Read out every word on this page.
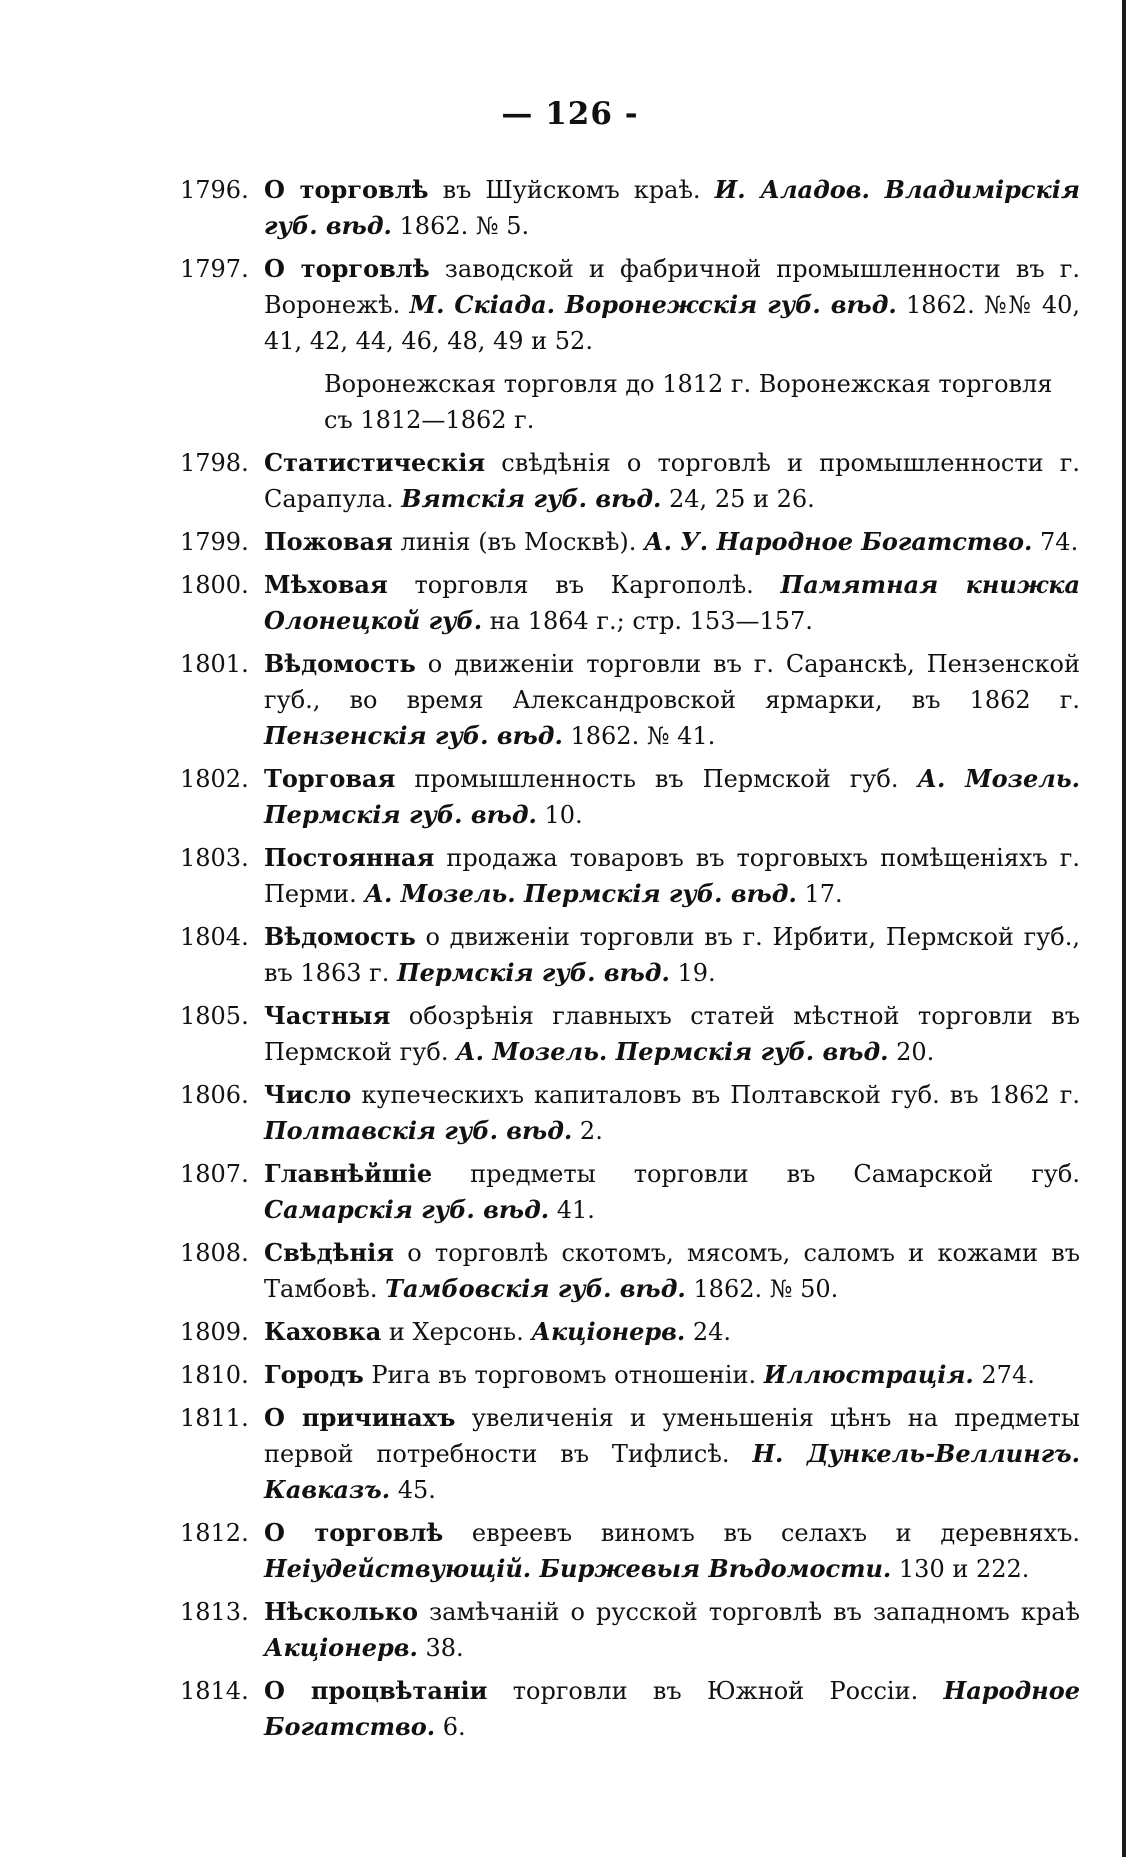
— 126 -
1796. О торговлѣ въ Шуйскомъ краѣ. И. Аладов. Владимірскія губ. вѣд. 1862. № 5.
1797. О торговлѣ заводской и фабричной промышленности въ г. Воронежѣ. М. Скіада. Воронежскія губ. вѣд. 1862. №№ 40, 41, 42, 44, 46, 48, 49 и 52.
Воронежская торговля до 1812 г. Воронежская торговля съ 1812—1862 г.
1798. Статистическія свѣдѣнія о торговлѣ и промышленности г. Сарапула. Вятскія губ. вѣд. 24, 25 и 26.
1799. Пожовая линія (въ Москвѣ). А. У. Народное Богатство. 74.
1800. Мѣховая торговля въ Каргополѣ. Памятная книжка Олонецкой губ. на 1864 г.; стр. 153—157.
1801. Вѣдомость о движеніи торговли въ г. Саранскѣ, Пензенской губ., во время Александровской ярмарки, въ 1862 г. Пензенскія губ. вѣд. 1862. № 41.
1802. Торговая промышленность въ Пермской губ. А. Мозель. Пермскія губ. вѣд. 10.
1803. Постоянная продажа товаровъ въ торговыхъ помѣщеніяхъ г. Перми. А. Мозель. Пермскія губ. вѣд. 17.
1804. Вѣдомость о движеніи торговли въ г. Ирбити, Пермской губ., въ 1863 г. Пермскія губ. вѣд. 19.
1805. Частныя обозрѣнія главныхъ статей мѣстной торговли въ Пермской губ. А. Мозель. Пермскія губ. вѣд. 20.
1806. Число купеческихъ капиталовъ въ Полтавской губ. въ 1862 г. Полтавскія губ. вѣд. 2.
1807. Главнѣйшіе предметы торговли въ Самарской губ. Самарскія губ. вѣд. 41.
1808. Свѣдѣнія о торговлѣ скотомъ, мясомъ, саломъ и кожами въ Тамбовѣ. Тамбовскія губ. вѣд. 1862. № 50.
1809. Каховка и Херсонь. Акціонерв. 24.
1810. Городъ Рига въ торговомъ отношеніи. Иллюстрація. 274.
1811. О причинахъ увеличенія и уменьшенія цѣнъ на предметы первой потребности въ Тифлисѣ. Н. Дункель-Веллингъ. Кавказъ. 45.
1812. О торговлѣ евреевъ виномъ въ селахъ и деревняхъ. Неіудействующій. Биржевыя Вѣдомости. 130 и 222.
1813. Нѣсколько замѣчаній о русской торговлѣ въ западномъ краѣ Акціонерв. 38.
1814. О процвѣтаніи торговли въ Южной Россіи. Народное Богатство. 6.
